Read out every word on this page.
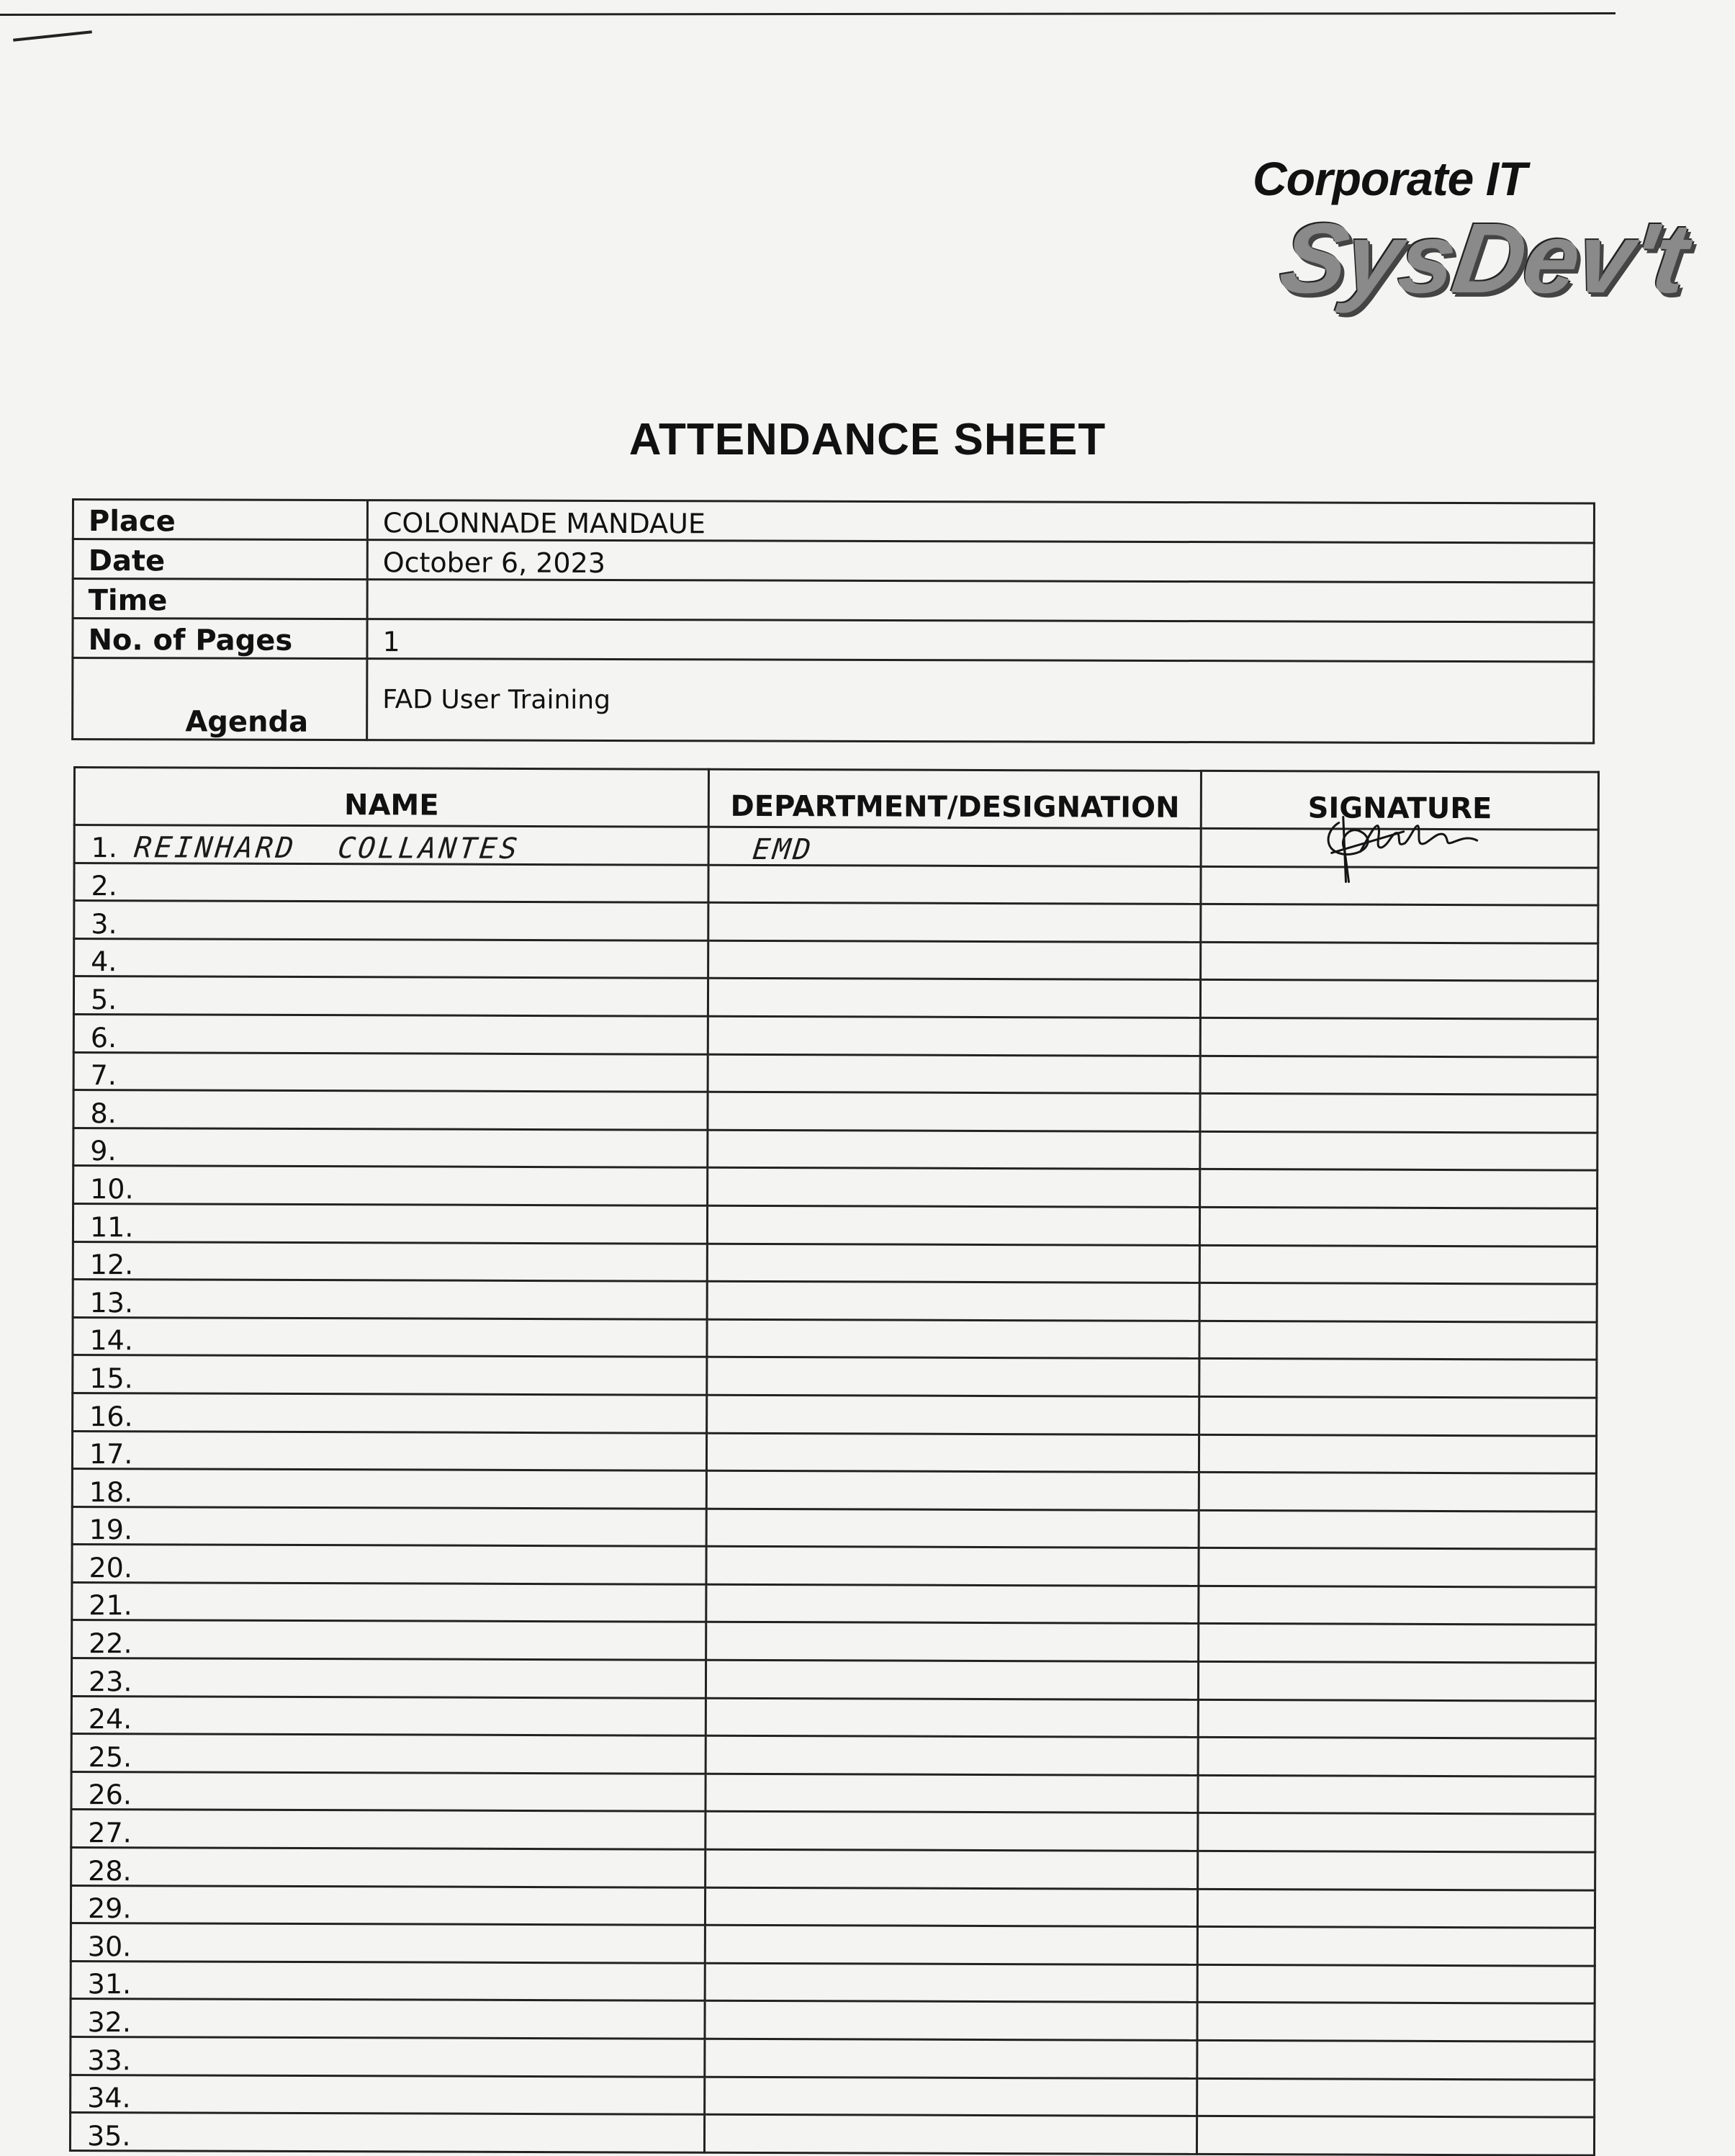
Corporate IT
SysDev't
ATTENDANCE SHEET
Place	COLONNADE MANDAUE
Date	October 6, 2023
Time	
No. of Pages	1
Agenda	FAD User Training
NAME	DEPARTMENT/DESIGNATION	SIGNATURE
1. REINHARD COLLANTES	EMD	

2.		
3.		
4.		
5.		
6.		
7.		
8.		
9.		
10.		
11.		
12.		
13.		
14.		
15.		
16.		
17.		
18.		
19.		
20.		
21.		
22.		
23.		
24.		
25.		
26.		
27.		
28.		
29.		
30.		
31.		
32.		
33.		
34.		
35.		
